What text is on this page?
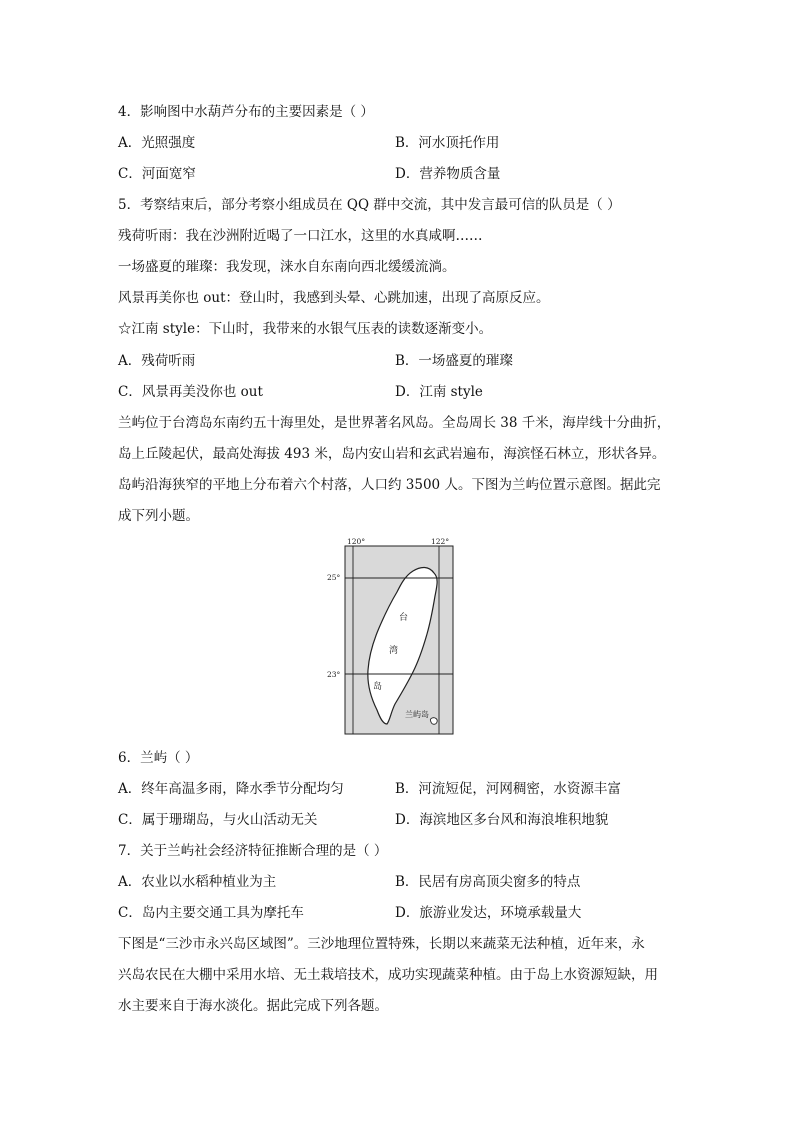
4．影响图中水葫芦分布的主要因素是（ ）
A．光照强度	B．河水顶托作用
C．河面宽窄	D．营养物质含量
5．考察结束后，部分考察小组成员在 QQ 群中交流，其中发言最可信的队员是（ ）
残荷听雨：我在沙洲附近喝了一口江水，这里的水真咸啊……
一场盛夏的璀璨：我发现，涞水自东南向西北缓缓流淌。
风景再美你也 out：登山时，我感到头晕、心跳加速，出现了高原反应。
☆江南 style：下山时，我带来的水银气压表的读数逐渐变小。
A．残荷听雨	B．一场盛夏的璀璨
C．风景再美没你也 out	D．江南 style
兰屿位于台湾岛东南约五十海里处，是世界著名风岛。全岛周长 38 千米，海岸线十分曲折，
岛上丘陵起伏，最高处海拔 493 米，岛内安山岩和玄武岩遍布，海滨怪石林立，形状各异。
岛屿沿海狭窄的平地上分布着六个村落，人口约 3500 人。下图为兰屿位置示意图。据此完
成下列小题。
120°	122°
25°
23°
台
湾
岛
兰屿岛
6．兰屿（ ）
A．终年高温多雨，降水季节分配均匀	B．河流短促，河网稠密，水资源丰富
C．属于珊瑚岛，与火山活动无关	D．海滨地区多台风和海浪堆积地貌
7．关于兰屿社会经济特征推断合理的是（ ）
A．农业以水稻种植业为主	B．民居有房高顶尖窗多的特点
C．岛内主要交通工具为摩托车	D．旅游业发达，环境承载量大
下图是“三沙市永兴岛区域图”。三沙地理位置特殊，长期以来蔬菜无法种植，近年来，永
兴岛农民在大棚中采用水培、无土栽培技术，成功实现蔬菜种植。由于岛上水资源短缺，用
水主要来自于海水淡化。据此完成下列各题。
